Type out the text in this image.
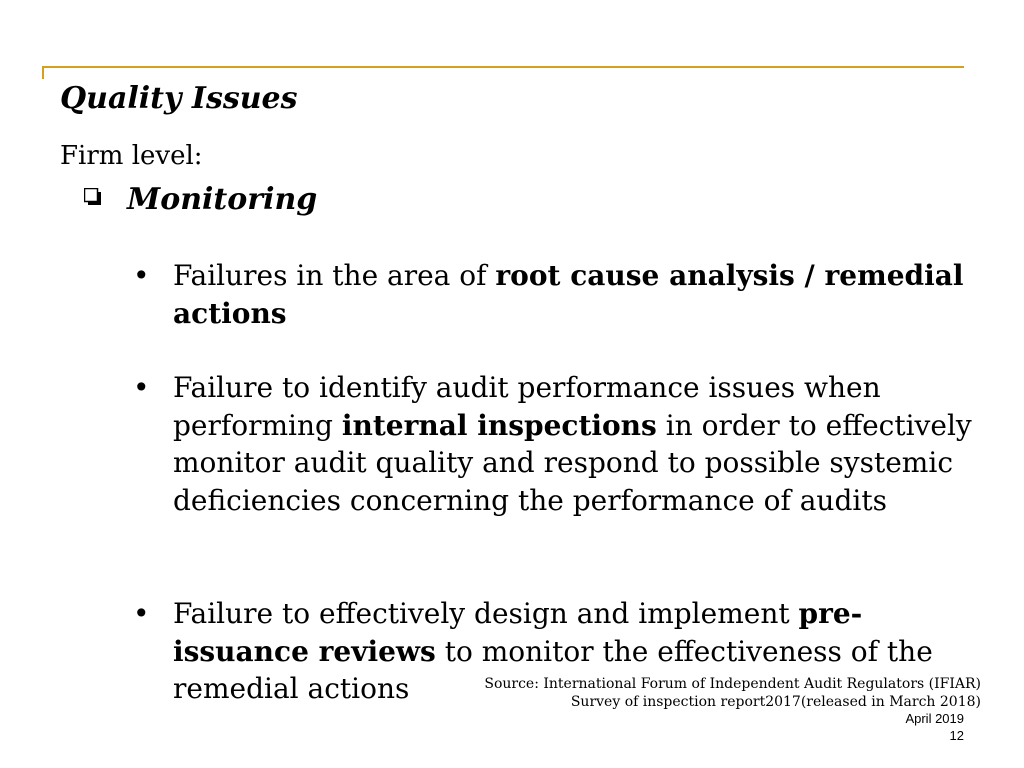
Quality Issues
Firm level:
Monitoring
• Failures in the area of root cause analysis / remedial actions
• Failure to identify audit performance issues when performing internal inspections in order to effectively monitor audit quality and respond to possible systemic deficiencies concerning the performance of audits
• Failure to effectively design and implement pre-issuance reviews to monitor the effectiveness of the remedial actions	Source: International Forum of Independent Audit Regulators (IFIAR)
Survey of inspection report2017(released in March 2018)
April 2019
12
